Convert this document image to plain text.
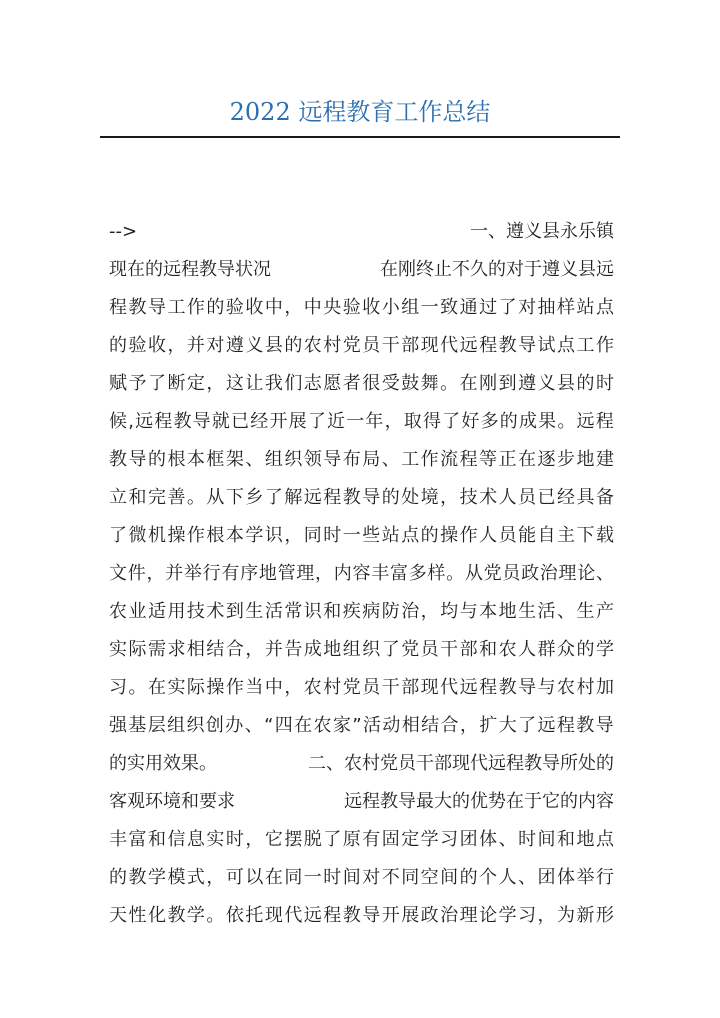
2022 远程教育工作总结
-->	一、遵义县永乐镇
现在的远程教导状况	在刚终止不久的对于遵义县远
程教导工作的验收中，中央验收小组一致通过了对抽样站点
的验收，并对遵义县的农村党员干部现代远程教导试点工作
赋予了断定，这让我们志愿者很受鼓舞。在刚到遵义县的时
候,远程教导就已经开展了近一年，取得了好多的成果。远程
教导的根本框架、组织领导布局、工作流程等正在逐步地建
立和完善。从下乡了解远程教导的处境，技术人员已经具备
了微机操作根本学识，同时一些站点的操作人员能自主下载
文件，并举行有序地管理，内容丰富多样。从党员政治理论、
农业适用技术到生活常识和疾病防治，均与本地生活、生产
实际需求相结合，并告成地组织了党员干部和农人群众的学
习。在实际操作当中，农村党员干部现代远程教导与农村加
强基层组织创办、“四在农家”活动相结合，扩大了远程教导
的实用效果。	二、农村党员干部现代远程教导所处的
客观环境和要求	远程教导最大的优势在于它的内容
丰富和信息实时，它摆脱了原有固定学习团体、时间和地点
的教学模式，可以在同一时间对不同空间的个人、团体举行
天性化教学。依托现代远程教导开展政治理论学习，为新形
